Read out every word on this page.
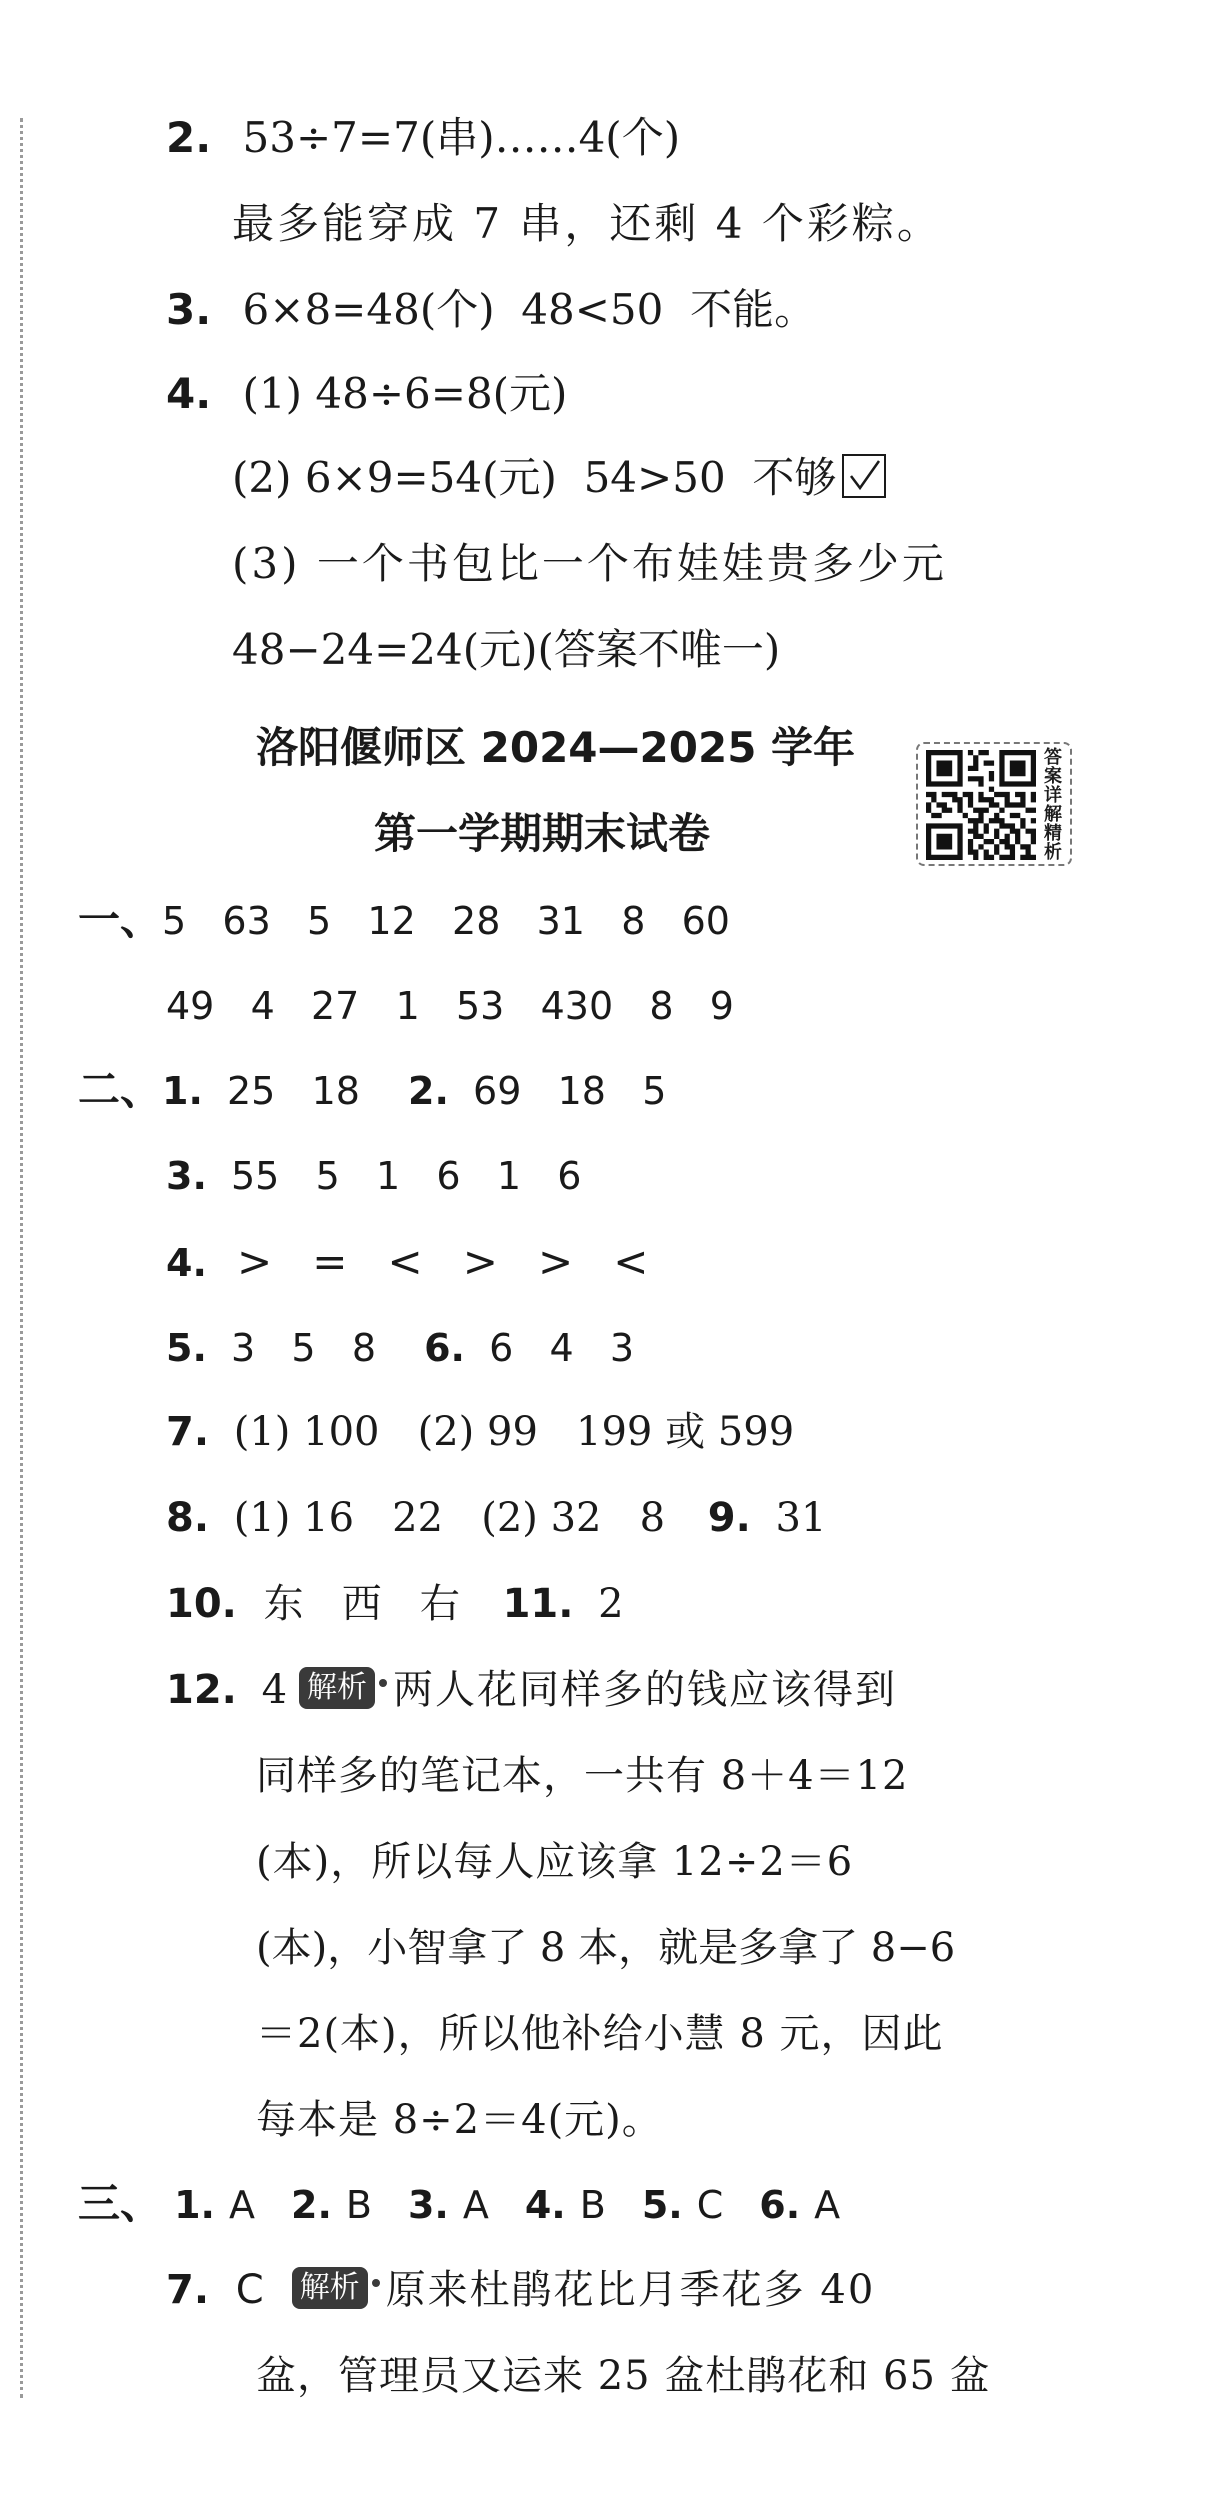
2. 53÷7=7(串)……4(个)
最多能穿成 7 串，还剩 4 个彩粽。
3. 6×8=48(个)  48<50  不能。
4. (1) 48÷6=8(元)
(2) 6×9=54(元)  54>50  不够
(3) 一个书包比一个布娃娃贵多少元
48−24=24(元)(答案不唯一)
洛阳偃师区 2024—2025 学年
第一学期期末试卷
答案详解精析
一、5   63   5   12   28   31   8   60
49   4   27   1   53   430   8   9
二、1. 25   18 2. 69   18   5
3. 55   5   1   6   1   6
4. >   =   <   >   >   <
5. 3   5   8 6. 6   4   3
7. (1) 100   (2) 99   199 或 599
8. (1) 16   22   (2) 32   8 9. 31
10. 东   西   右 11. 2
12. 4 解析 两人花同样多的钱应该得到
同样多的笔记本，一共有 8＋4＝12
(本)，所以每人应该拿 12÷2＝6
(本)，小智拿了 8 本，就是多拿了 8−6
＝2(本)，所以他补给小慧 8 元，因此
每本是 8÷2＝4(元)。
三、 1. A 2. B 3. A 4. B 5. C 6. A
7. C 解析 原来杜鹃花比月季花多 40
盆，管理员又运来 25 盆杜鹃花和 65 盆
